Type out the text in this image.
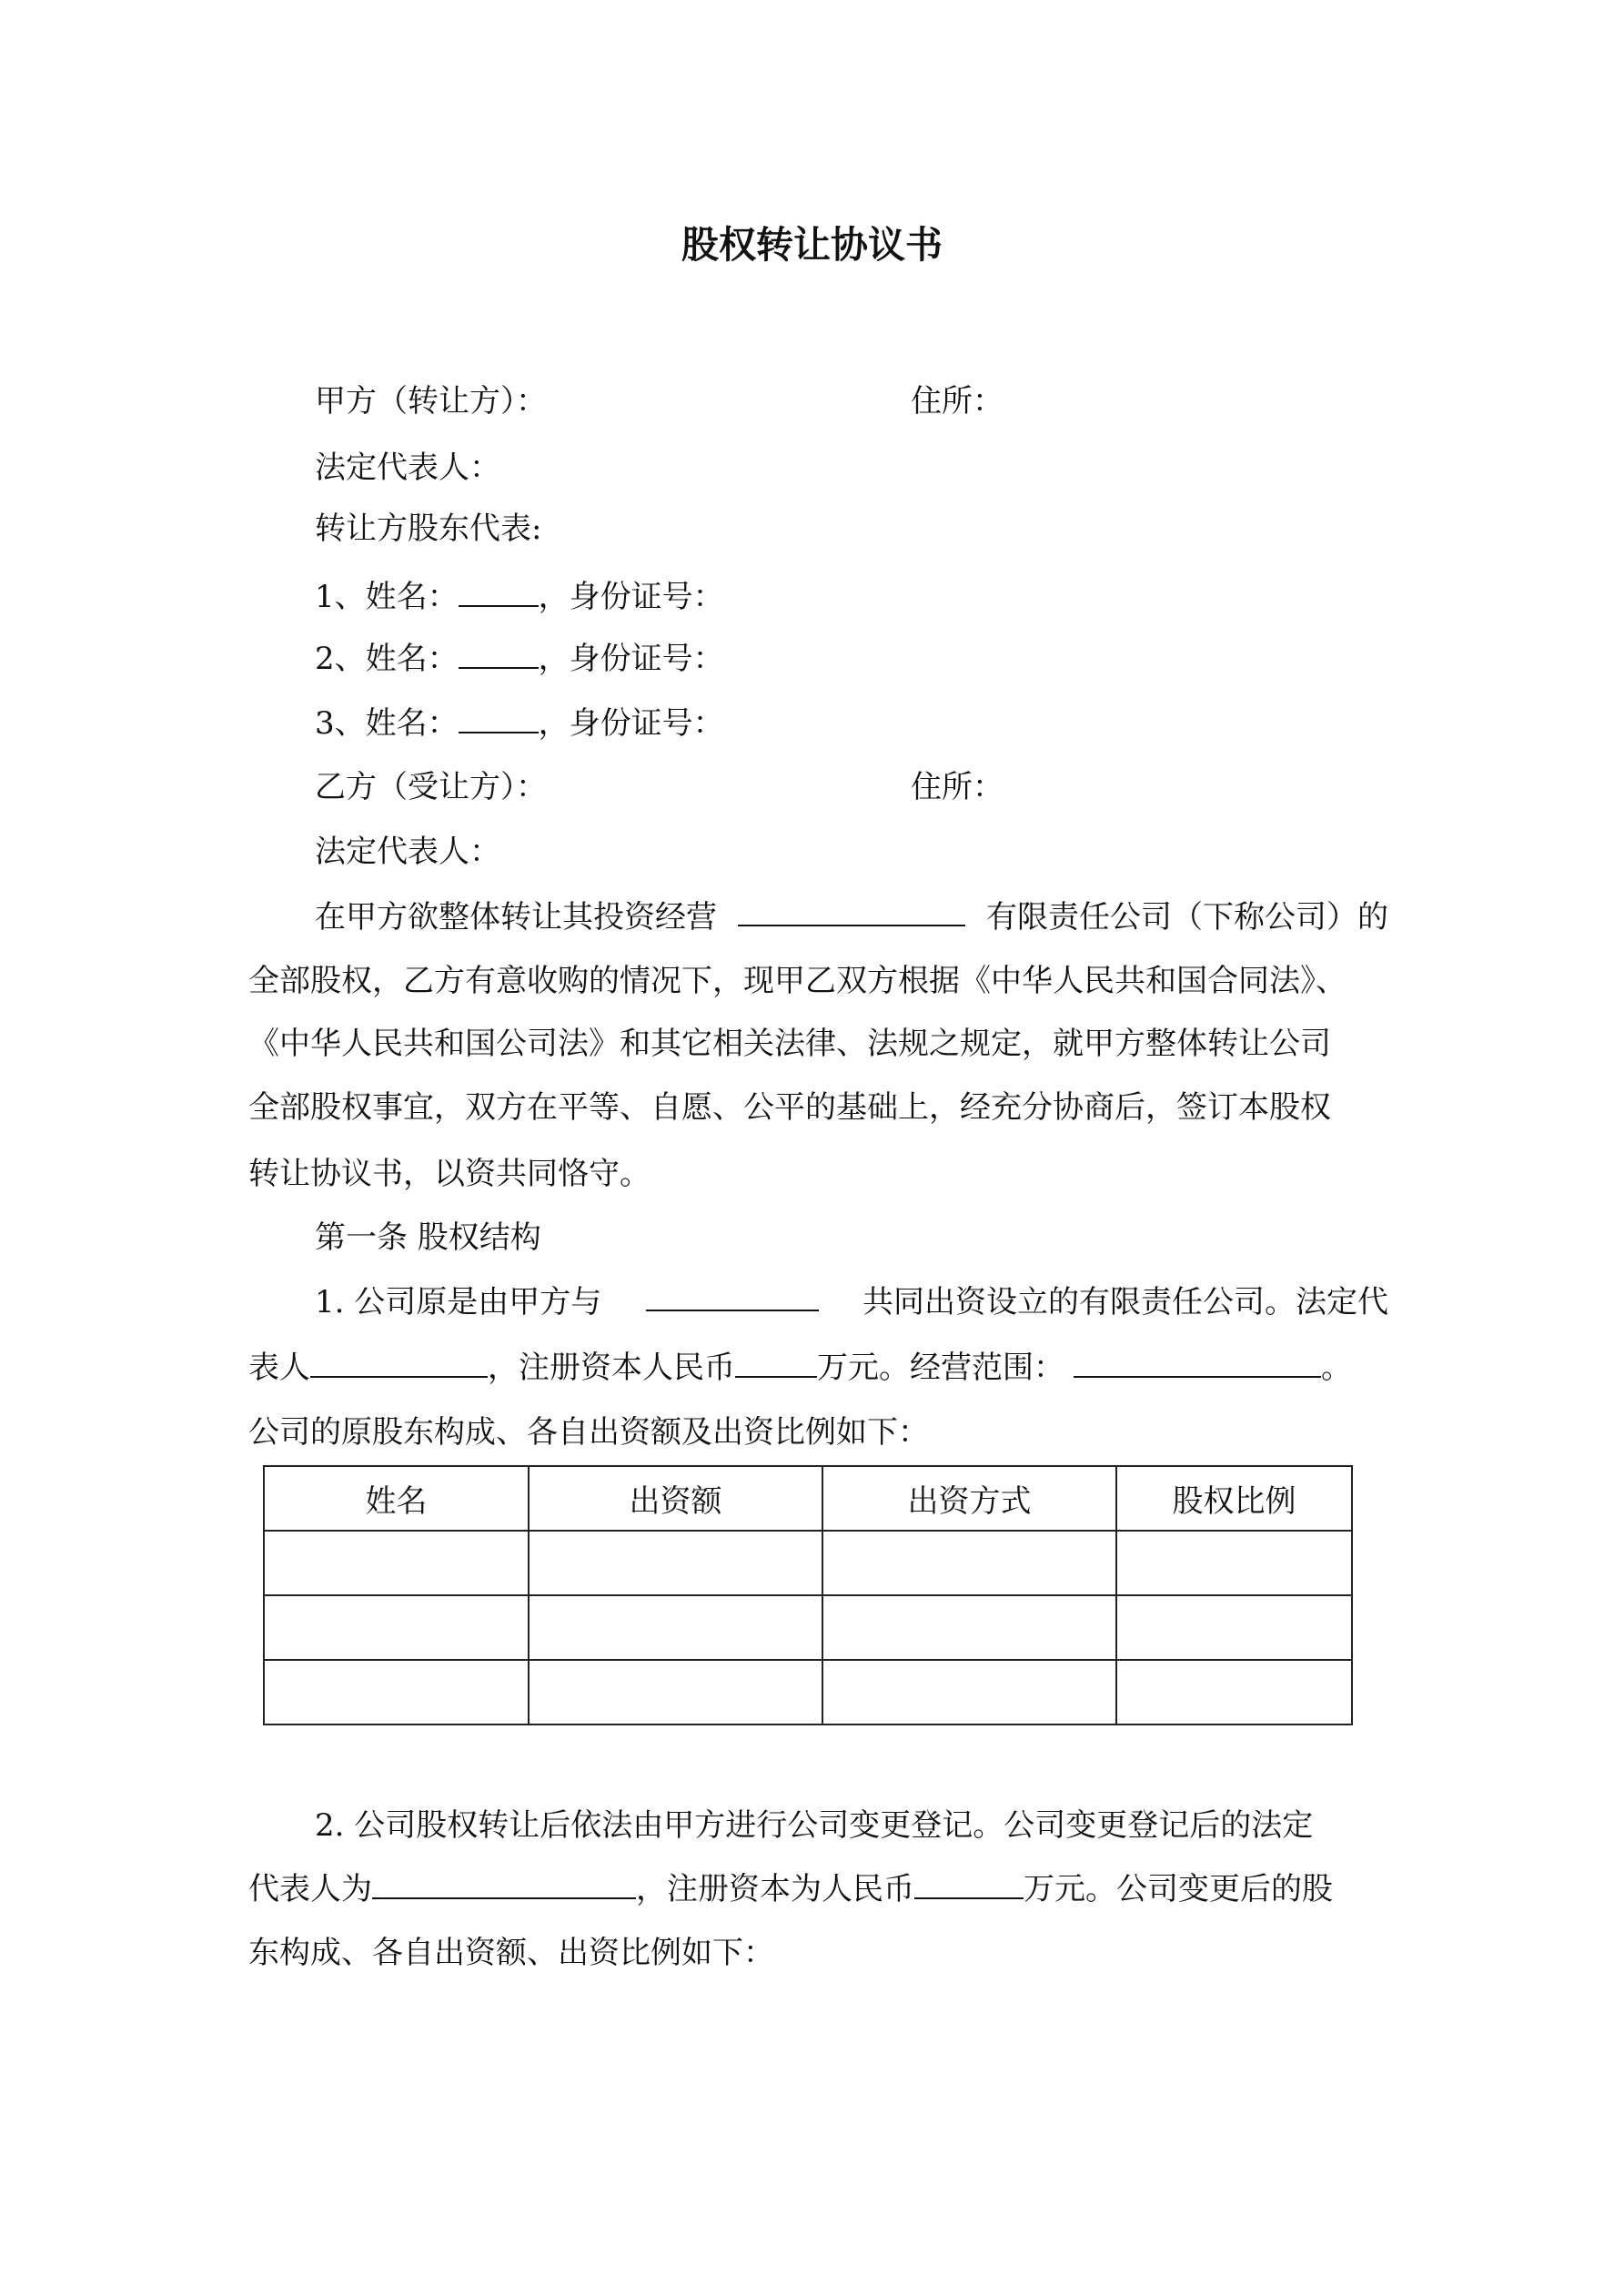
股权转让协议书
甲方（转让方）：	住所：
法定代表人：
转让方股东代表:
1、姓名：	，身份证号：
2、姓名：	，身份证号：
3、姓名：	，身份证号：
乙方（受让方）：	住所：
法定代表人：
在甲方欲整体转让其投资经营	有限责任公司（下称公司）的
全部股权，乙方有意收购的情况下，现甲乙双方根据《中华人民共和国合同法》、
《中华人民共和国公司法》和其它相关法律、法规之规定，就甲方整体转让公司
全部股权事宜，双方在平等、自愿、公平的基础上，经充分协商后，签订本股权
转让协议书，以资共同恪守。
第一条 股权结构
1. 公司原是由甲方与	共同出资设立的有限责任公司。法定代
表人	，注册资本人民币	万元。经营范围：	。
公司的原股东构成、各自出资额及出资比例如下：
姓名	出资额	出资方式	股权比例

2. 公司股权转让后依法由甲方进行公司变更登记。公司变更登记后的法定
代表人为	，注册资本为人民币	万元。公司变更后的股
东构成、各自出资额、出资比例如下：
